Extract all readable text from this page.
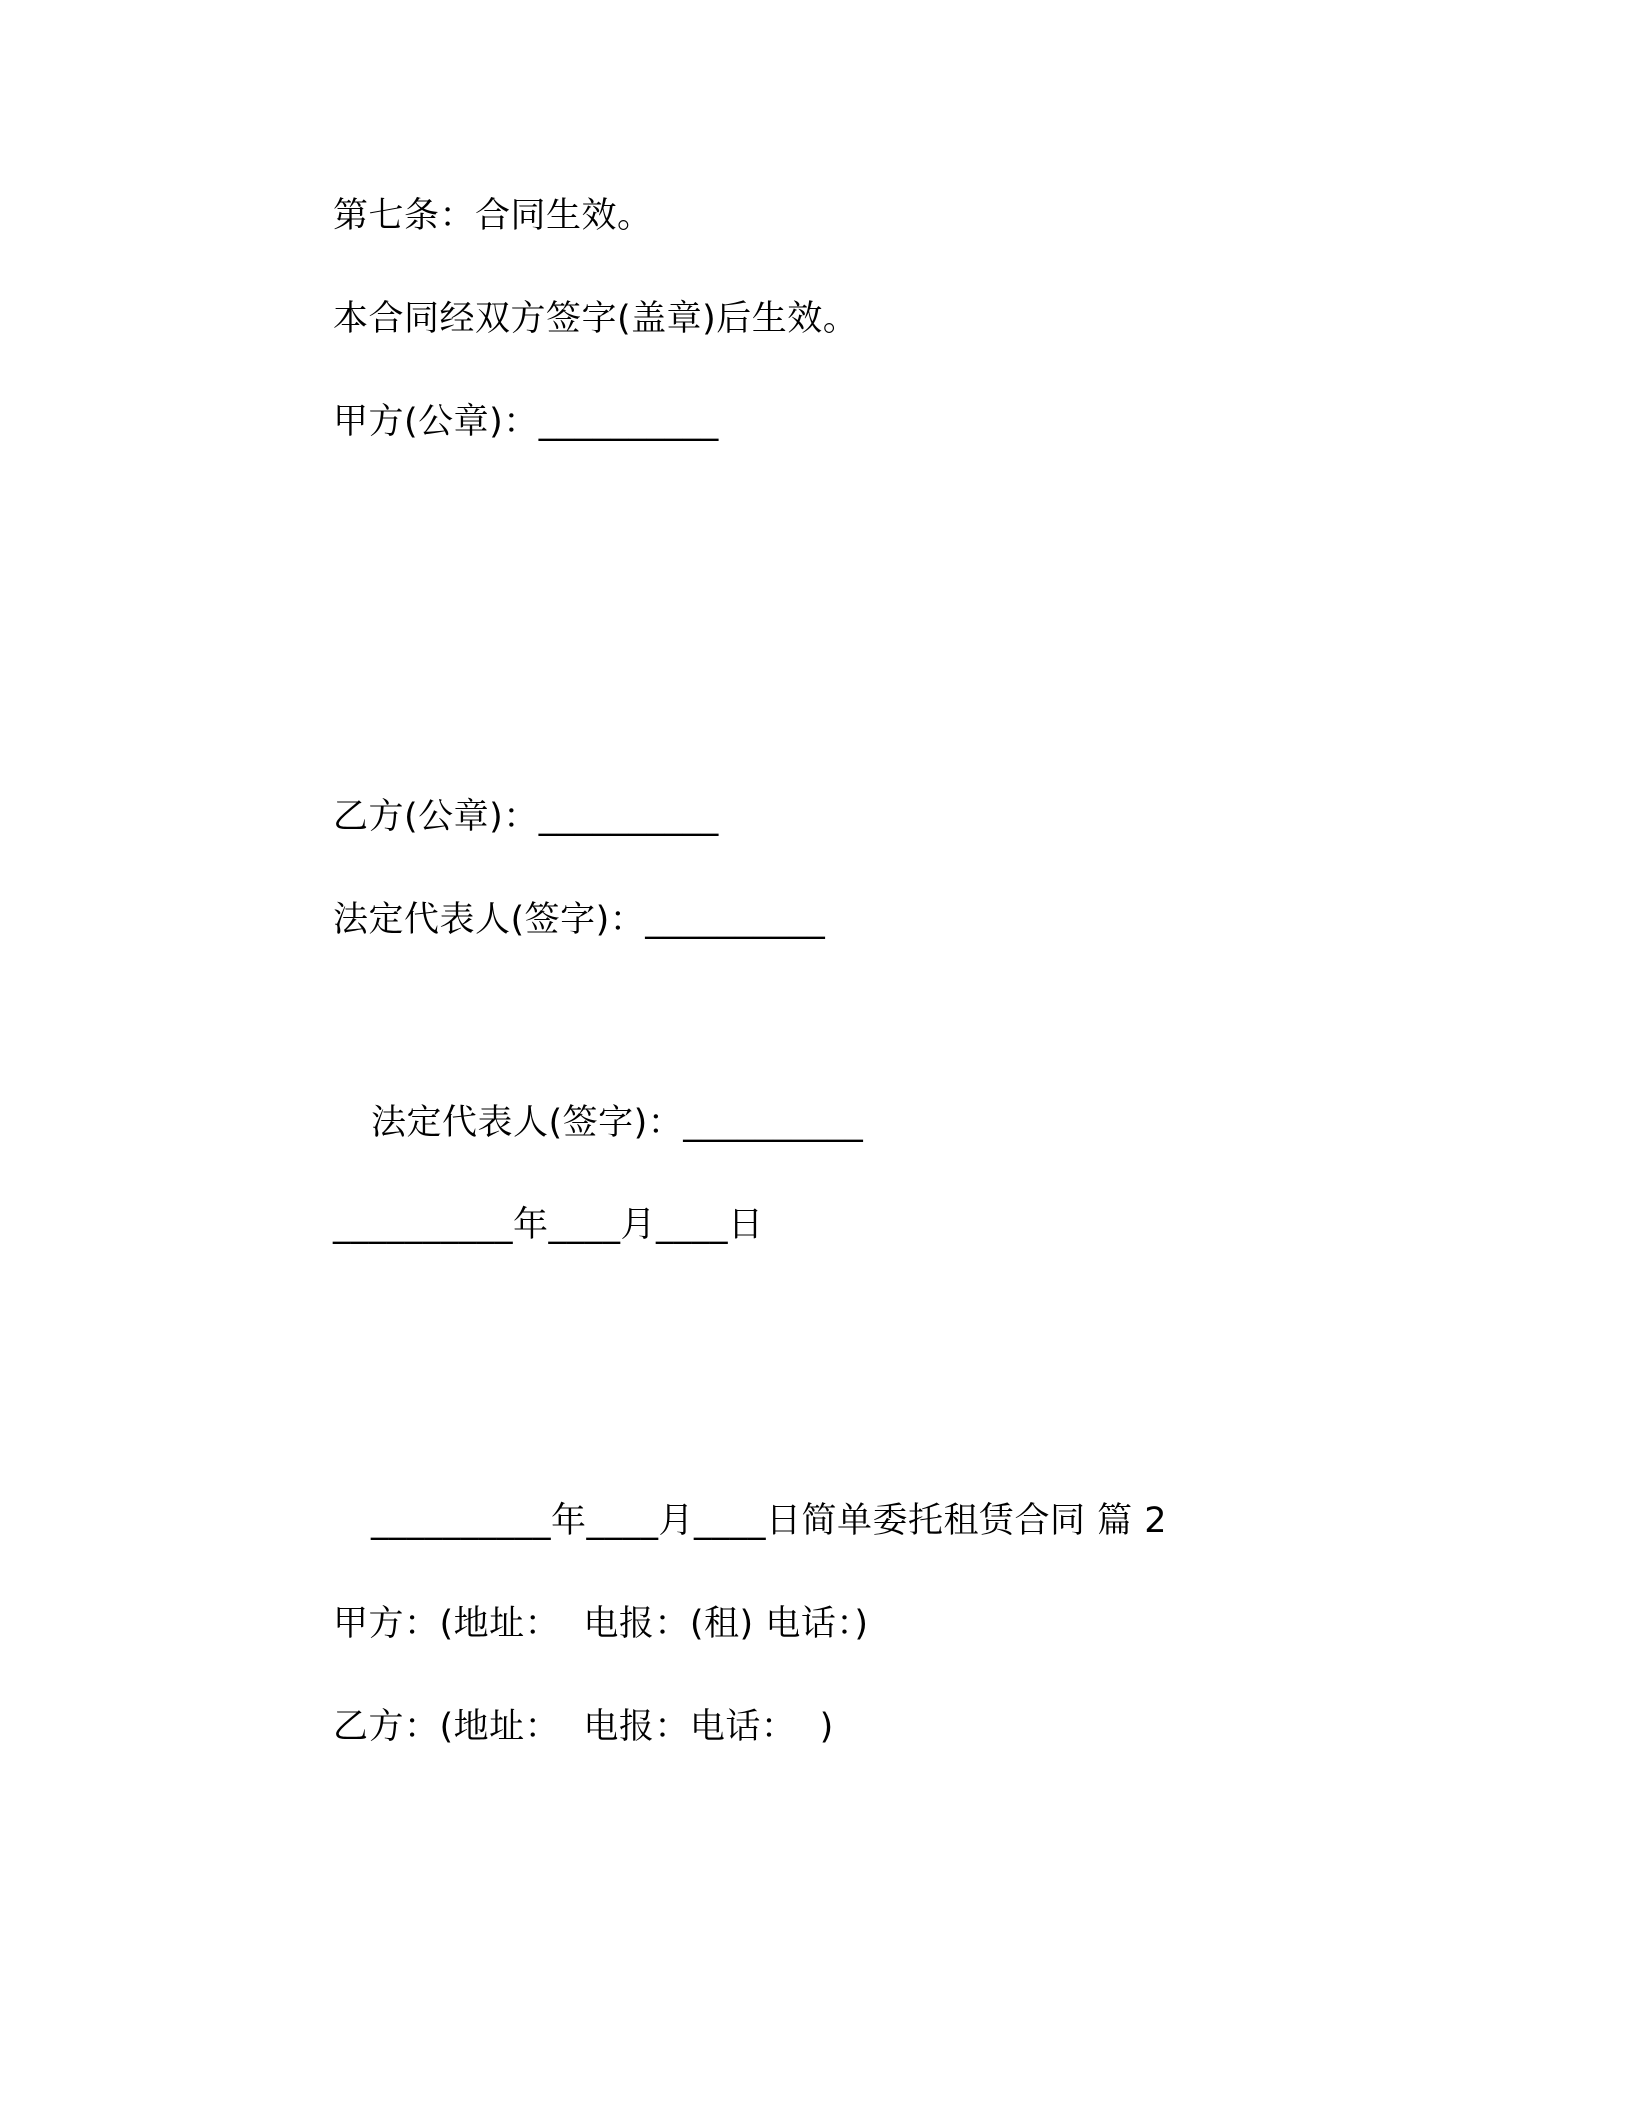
第七条：合同生效。
本合同经双方签字(盖章)后生效。
甲方(公章)：__________
乙方(公章)：__________
法定代表人(签字)：__________
法定代表人(签字)：__________
__________年____月____日
__________年____月____日简单委托租赁合同 篇 2
甲方：(地址：  电报：(租) 电话：)
乙方：(地址：  电报：电话：  )
